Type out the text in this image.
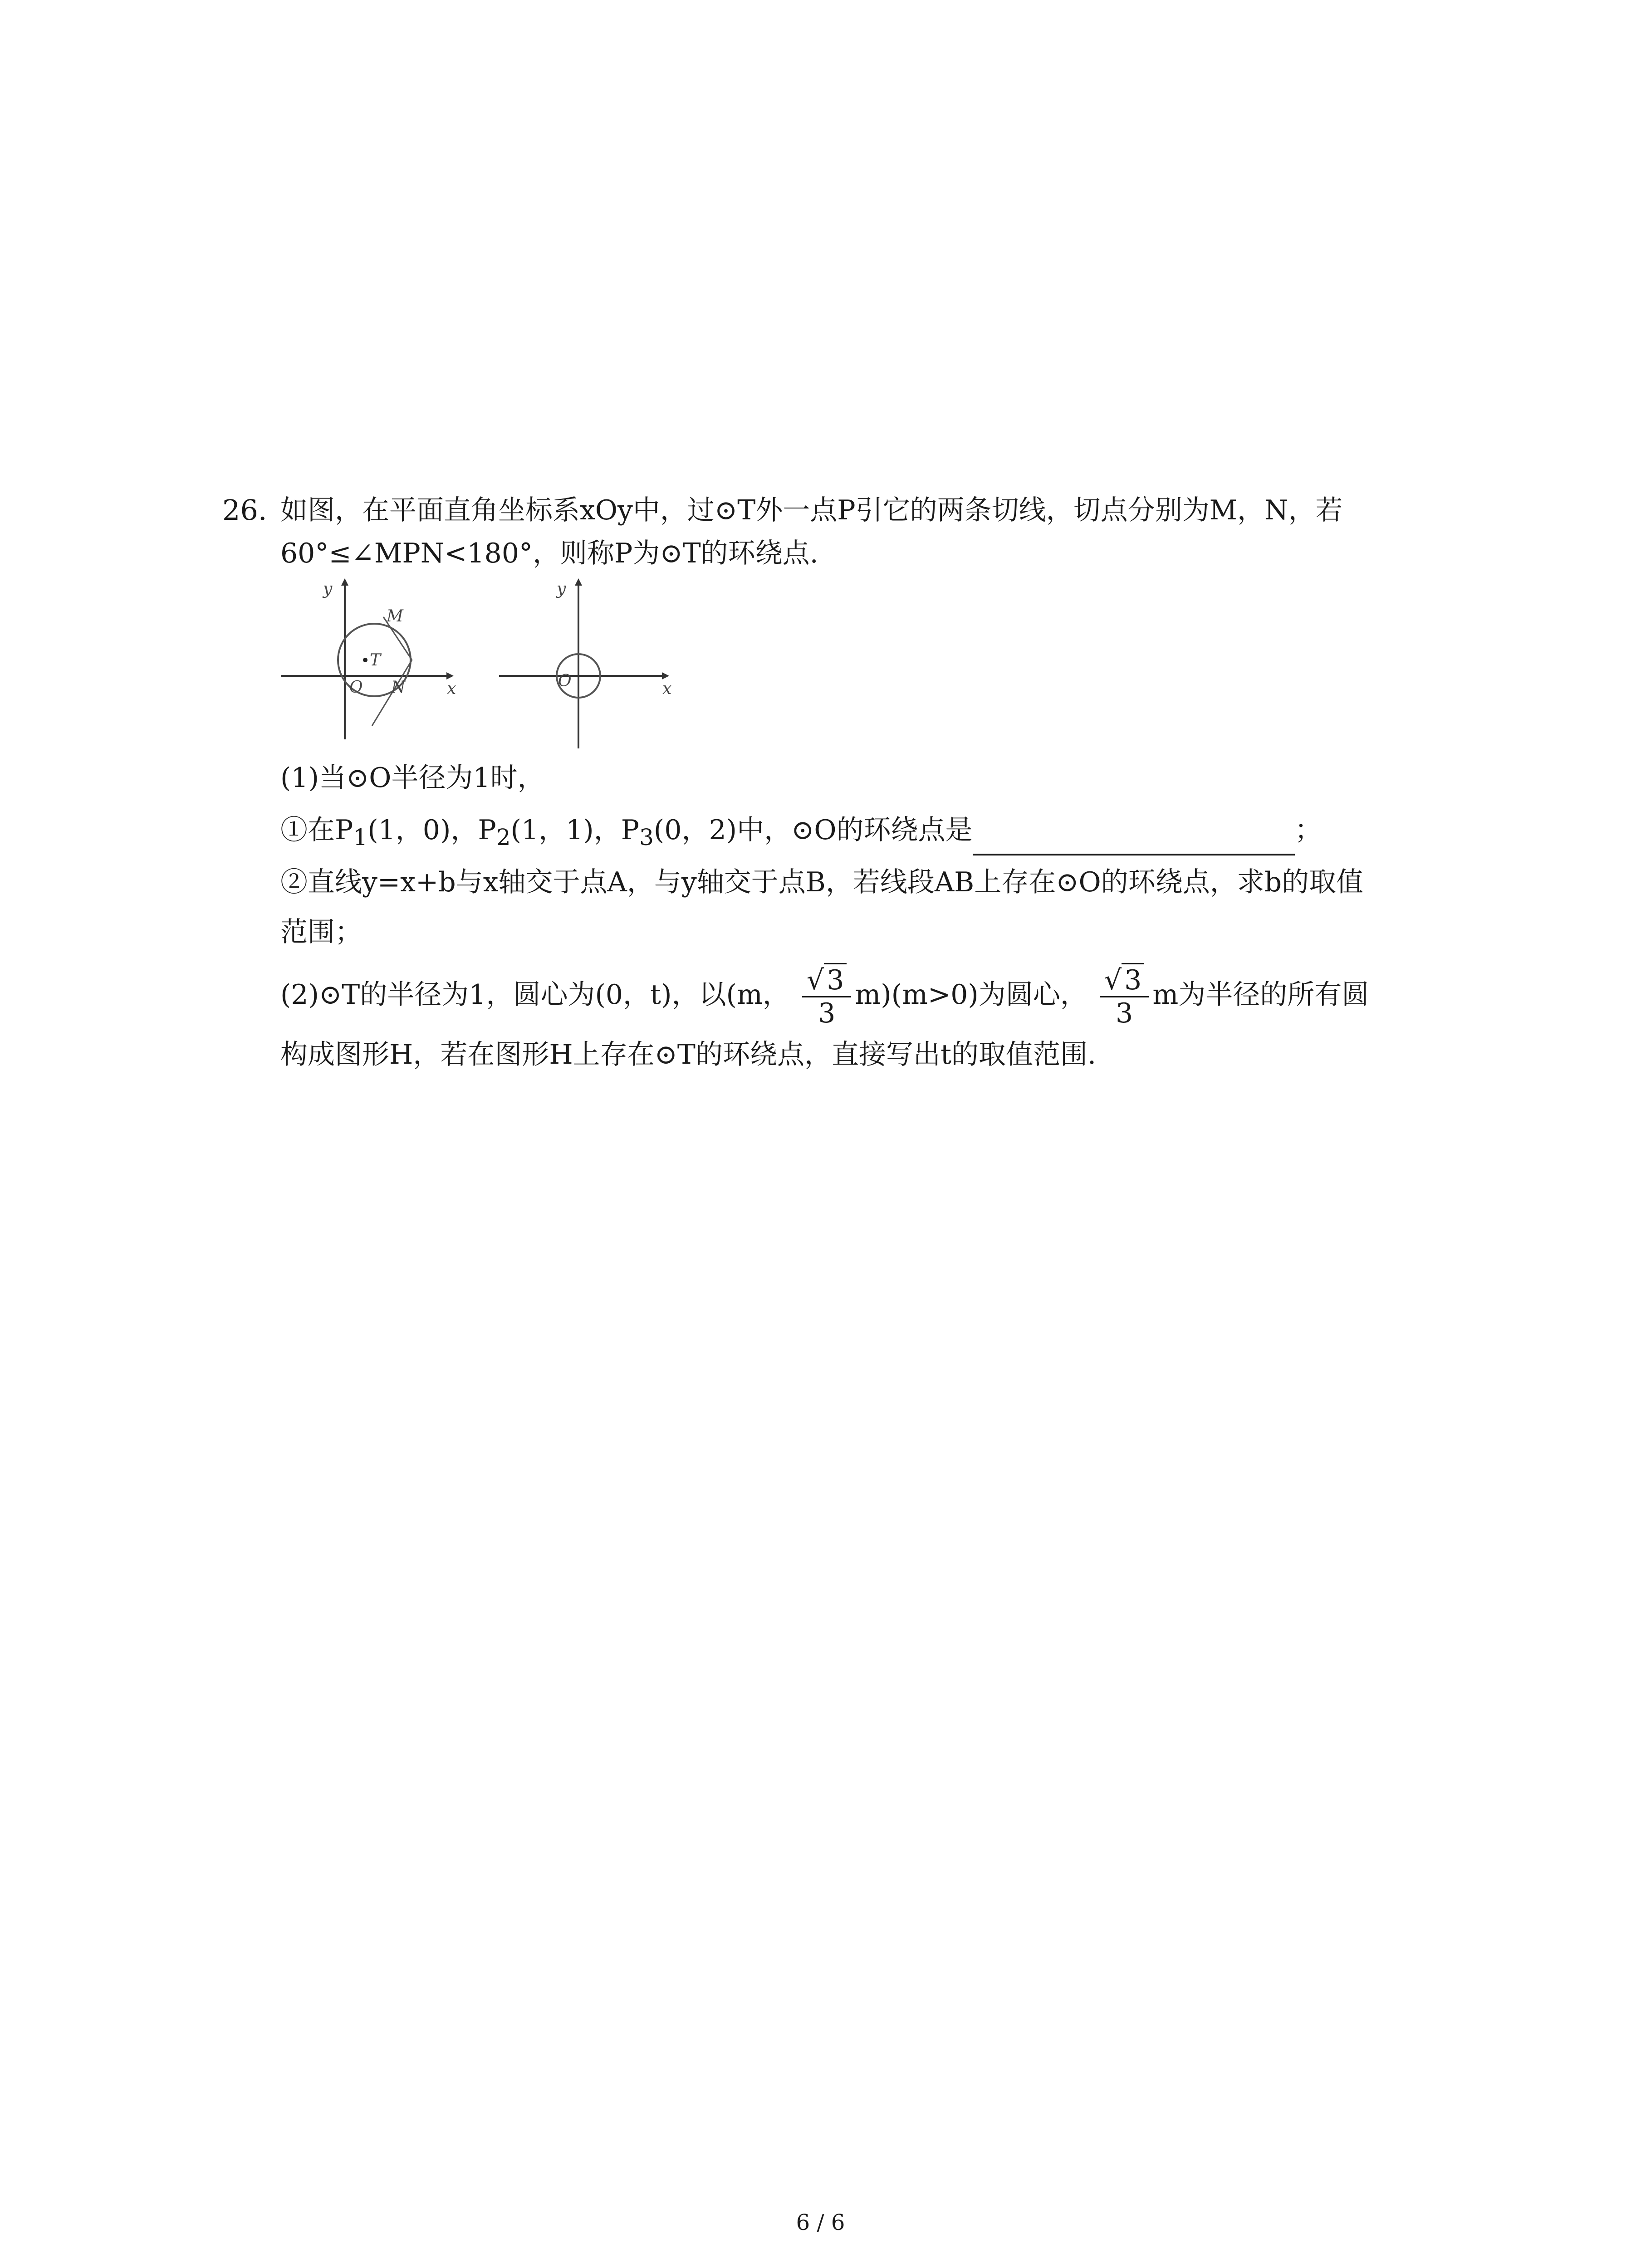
26. 如图，在平面直角坐标系xOy中，过⊙T外一点P引它的两条切线，切点分别为M，N，若
60°≤∠MPN<180°，则称P为⊙T的环绕点.
y
x
M
T
O N
y
x
O
(1)当⊙O半径为1时，
①在$P_1(1$，0)，$P_2(1$，1)，$P_3(0$，2)中，⊙O的环绕点是	；
②直线y=x+b与x轴交于点A，与y轴交于点B，若线段AB上存在⊙O的环绕点，求b的取值
范围；
(2)⊙T的半径为1，圆心为(0，t)，以(m， $\frac{√ 3}{3} m)(m>0)$为圆心， $\frac{√ 3}{3}$ m为半径的所有圆
构成图形H，若在图形H上存在⊙T的环绕点，直接写出t的取值范围.
6 / 6
